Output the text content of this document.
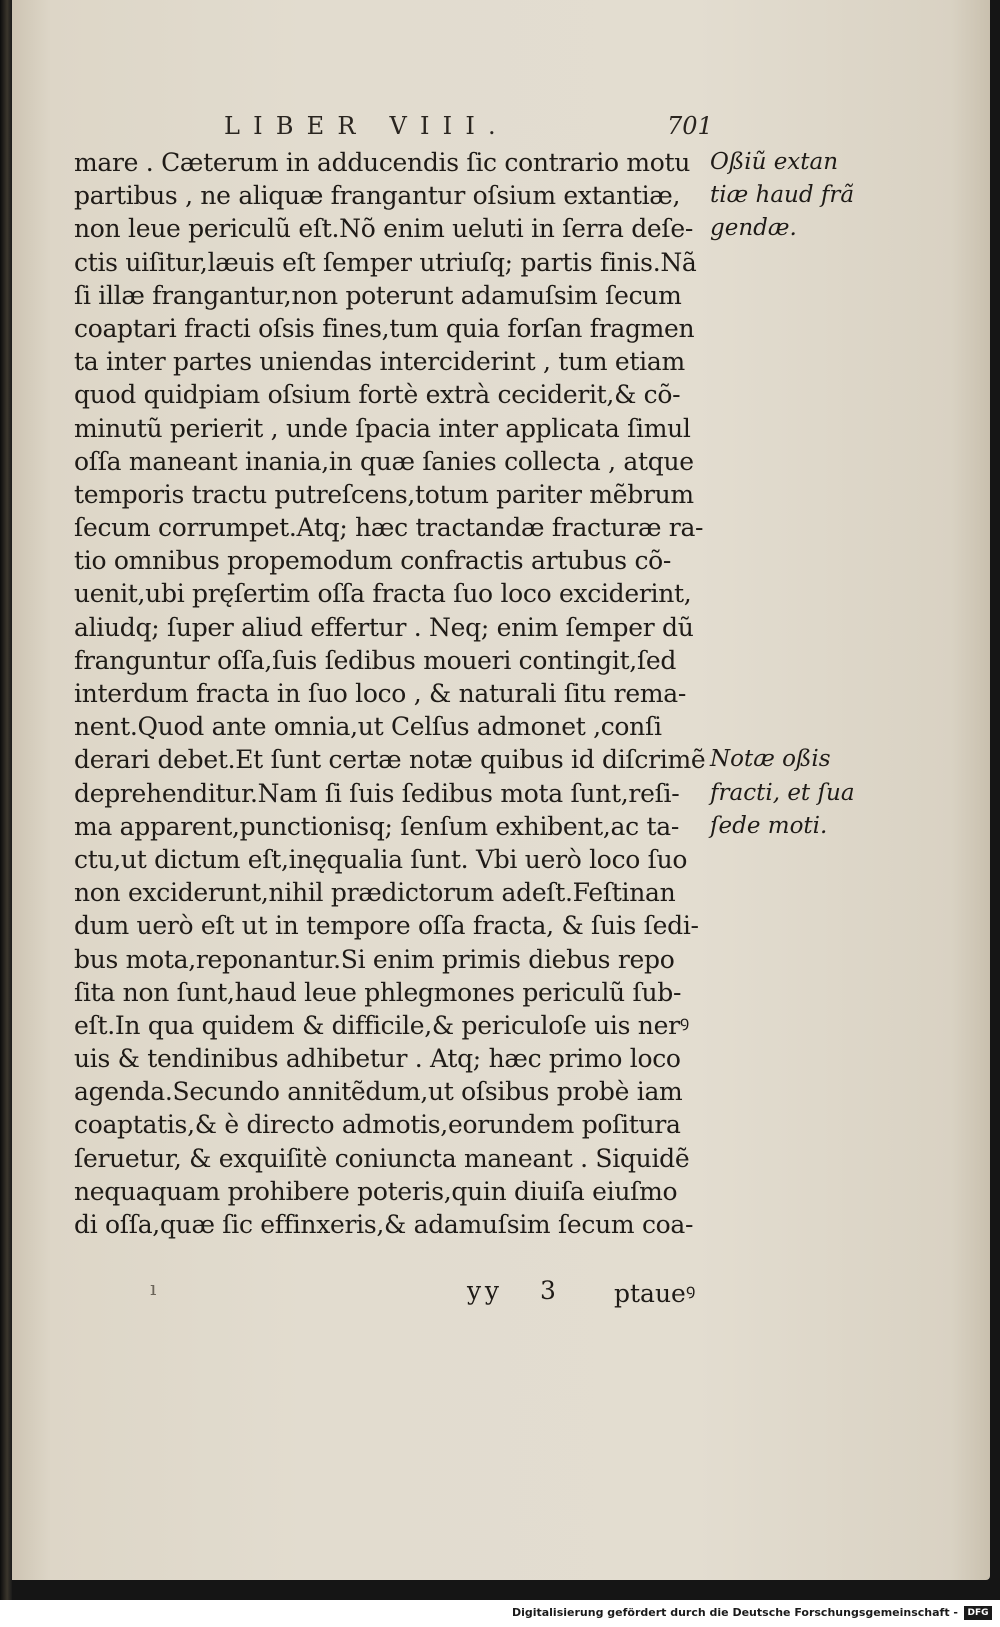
LIBER VIII.	701
mare . Cæterum in adducendis ſic contrario motu
partibus , ne aliquæ frangantur oſsium extantiæ,
non leue periculũ eſt.Nõ enim ueluti in ſerra deſe-
ctis uiſitur,læuis eſt ſemper utriuſq; partis finis.Nã
ſi illæ frangantur,non poterunt adamuſsim ſecum
coaptari fracti oſsis fines,tum quia forſan fragmen
ta inter partes uniendas interciderint , tum etiam
quod quidpiam oſsium fortè extrà ceciderit,& cõ-
minutũ perierit , unde ſpacia inter applicata ſimul
oſſa maneant inania,in quæ ſanies collecta , atque
temporis tractu putreſcens,totum pariter mẽbrum
ſecum corrumpet.Atq; hæc tractandæ fracturæ ra-
tio omnibus propemodum confractis artubus cõ-
uenit,ubi pręſertim oſſa fracta ſuo loco exciderint,
aliudq; ſuper aliud effertur . Neq; enim ſemper dũ
franguntur oſſa,ſuis ſedibus moueri contingit,ſed
interdum fracta in ſuo loco , & naturali ſitu rema-
nent.Quod ante omnia,ut Celſus admonet ,conſi
derari debet.Et ſunt certæ notæ quibus id diſcrimẽ
deprehenditur.Nam ſi ſuis ſedibus mota ſunt,reſi-
ma apparent,punctionisq; ſenſum exhibent,ac ta-
ctu,ut dictum eſt,inęqualia ſunt. Vbi uerò loco ſuo
non exciderunt,nihil prædictorum adeſt.Feſtinan
dum uerò eſt ut in tempore oſſa fracta, & ſuis ſedi-
bus mota,reponantur.Si enim primis diebus repo
ſita non ſunt,haud leue phlegmones periculũ ſub-
eſt.In qua quidem & difficile,& periculoſe uis nerꝰ
uis & tendinibus adhibetur . Atq; hæc primo loco
agenda.Secundo annitẽdum,ut oſsibus probè iam
coaptatis,& è directo admotis,eorundem poſitura
ſeruetur, & exquiſitè coniuncta maneant . Siquidẽ
nequaquam prohibere poteris,quin diuiſa eiuſmo
di oſſa,quæ ſic effinxeris,& adamuſsim ſecum coa-
Oßiũ extan
tiæ haud frã
gendæ.
Notæ oßis
fracti, et ſua
ſede moti.
ı	yy 3 ptaueꝰ
Digitalisierung gefördert durch die Deutsche Forschungsgemeinschaft -	DFG
